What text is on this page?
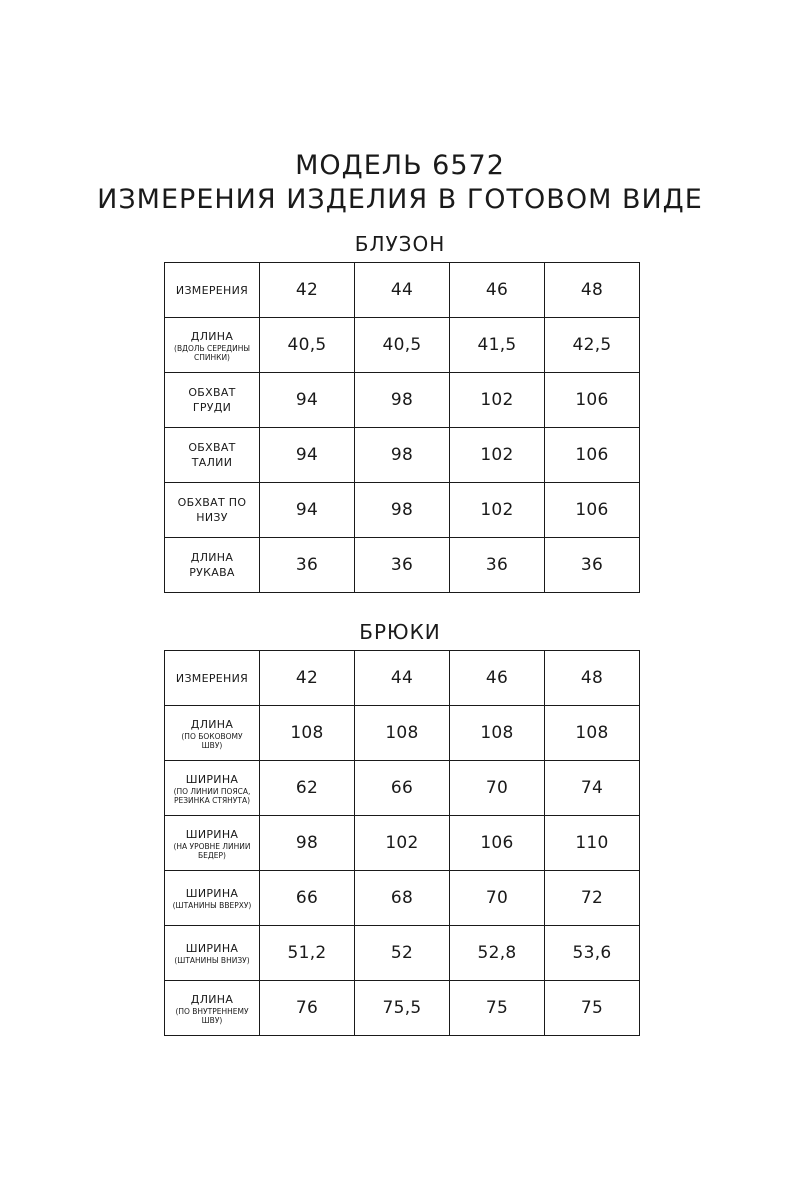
МОДЕЛЬ 6572
ИЗМЕРЕНИЯ ИЗДЕЛИЯ В ГОТОВОМ ВИДЕ
БЛУЗОН
ИЗМЕРЕНИЯ	42	44	46	48

ДЛИНА
(ВДОЛЬ СЕРЕДИНЫ
СПИНКИ)	40,5	40,5	41,5	42,5

ОБХВАТ
ГРУДИ	94	98	102	106

ОБХВАТ
ТАЛИИ	94	98	102	106

ОБХВАТ ПО
НИЗУ	94	98	102	106

ДЛИНА
РУКАВА	36	36	36	36
БРЮКИ
ИЗМЕРЕНИЯ	42	44	46	48

ДЛИНА
(ПО БОКОВОМУ
ШВУ)	108	108	108	108

ШИРИНА
(ПО ЛИНИИ ПОЯСА,
РЕЗИНКА СТЯНУТА)	62	66	70	74

ШИРИНА
(НА УРОВНЕ ЛИНИИ
БЕДЕР)	98	102	106	110

ШИРИНА
(ШТАНИНЫ ВВЕРХУ)	66	68	70	72

ШИРИНА
(ШТАНИНЫ ВНИЗУ)	51,2	52	52,8	53,6

ДЛИНА
(ПО ВНУТРЕННЕМУ
ШВУ)	76	75,5	75	75
